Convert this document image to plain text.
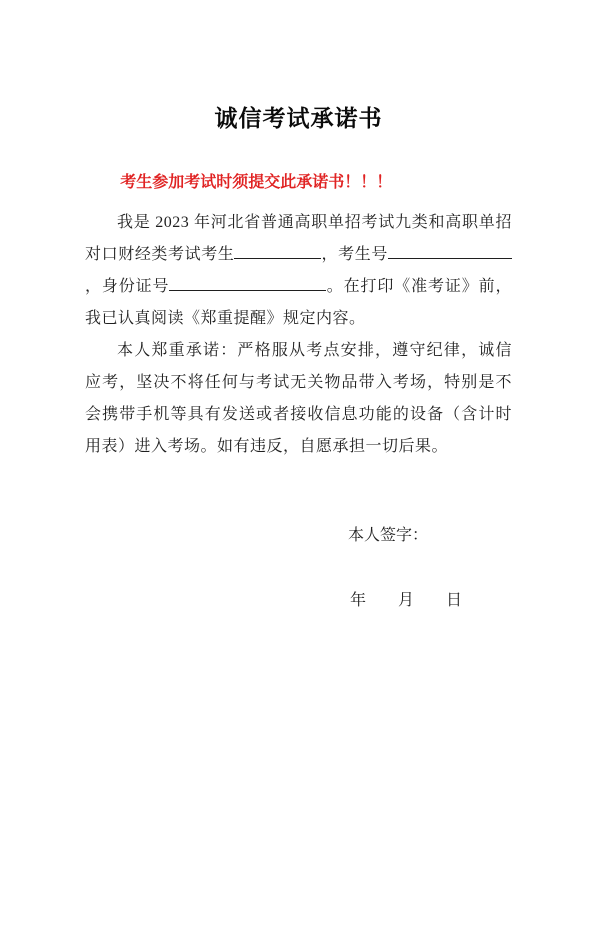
诚信考试承诺书

考生参加考试时须提交此承诺书！！！

我是 2023 年河北省普通高职单招考试九类和高职单招对口财经类考试考生	，考生号，身份证号	。在打印《准考证》前，我已认真阅读《郑重提醒》规定内容。

本人郑重承诺：严格服从考点安排，遵守纪律，诚信应考，坚决不将任何与考试无关物品带入考场，特别是不会携带手机等具有发送或者接收信息功能的设备（含计时用表）进入考场。如有违反，自愿承担一切后果。

本人签字：

年　　月　　日
